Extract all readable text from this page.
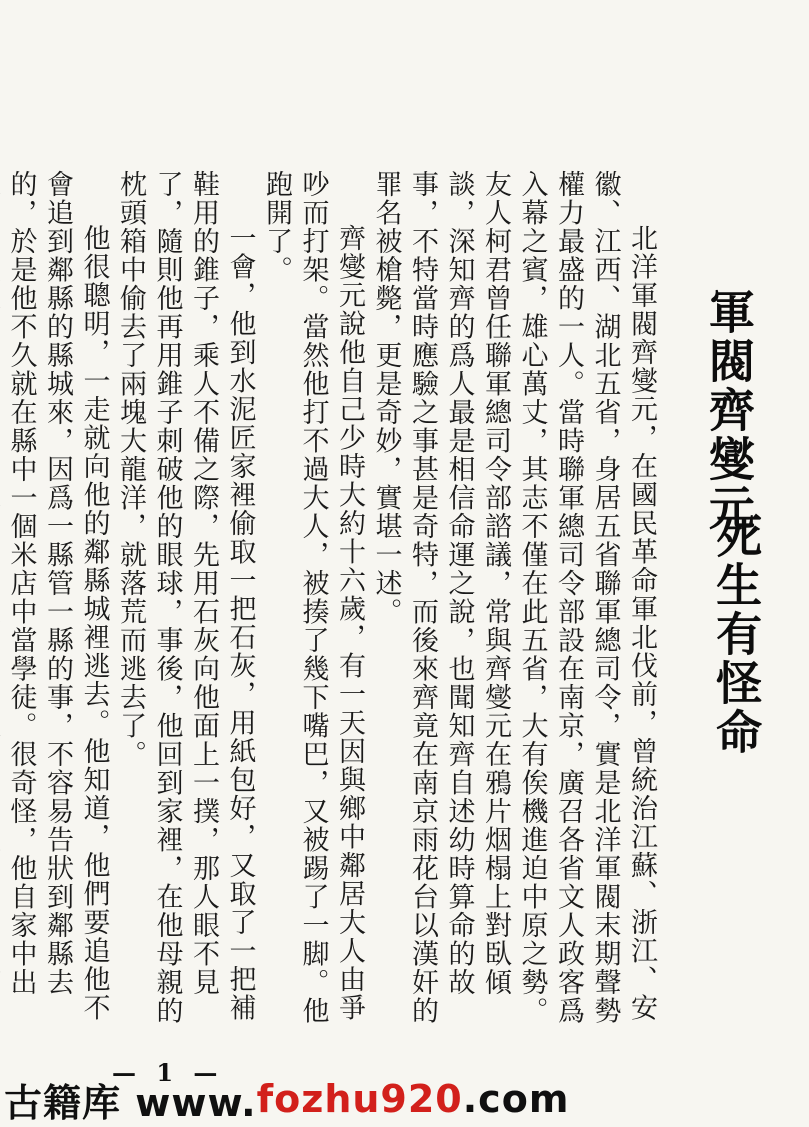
軍閥齊燮元
死生有怪命

北洋軍閥齊燮元，在國民革命軍北伐前，曾統治江蘇、浙江、安徽、江西、湖北五省，身居五省聯軍總司令，實是北洋軍閥末期聲勢權力最盛的一人。當時聯軍總司令部設在南京，廣召各省文人政客爲入幕之賓，雄心萬丈，其志不僅在此五省，大有俟機進迫中原之勢。友人柯君曾任聯軍總司令部諮議，常與齊燮元在鴉片烟榻上對臥傾談，深知齊的爲人最是相信命運之說，也聞知齊自述幼時算命的故事，不特當時應驗之事甚是奇特，而後來齊竟在南京雨花台以漢奸的罪名被槍斃，更是奇妙，實堪一述。

齊燮元說他自己少時大約十六歲，有一天因與鄉中鄰居大人由爭吵而打架。當然他打不過大人，被揍了幾下嘴巴，又被踢了一脚。他跑開了。

一會，他到水泥匠家裡偷取一把石灰，用紙包好，又取了一把補鞋用的錐子，乘人不備之際，先用石灰向他面上一撲，那人眼不見了，隨則他再用錐子刺破他的眼球，事後，他回到家裡，在他母親的枕頭箱中偷去了兩塊大龍洋，就落荒而逃去了。

他很聰明，一走就向他的鄰縣城裡逃去。他知道，他們要追他不會追到鄰縣的縣城來，因爲一縣管一縣的事，不容易告狀到鄰縣去的，於是他不久就在縣中一個米店中當學徒。很奇怪，他自家中出

— 1 —
古籍库 www. fozhu920 .com
